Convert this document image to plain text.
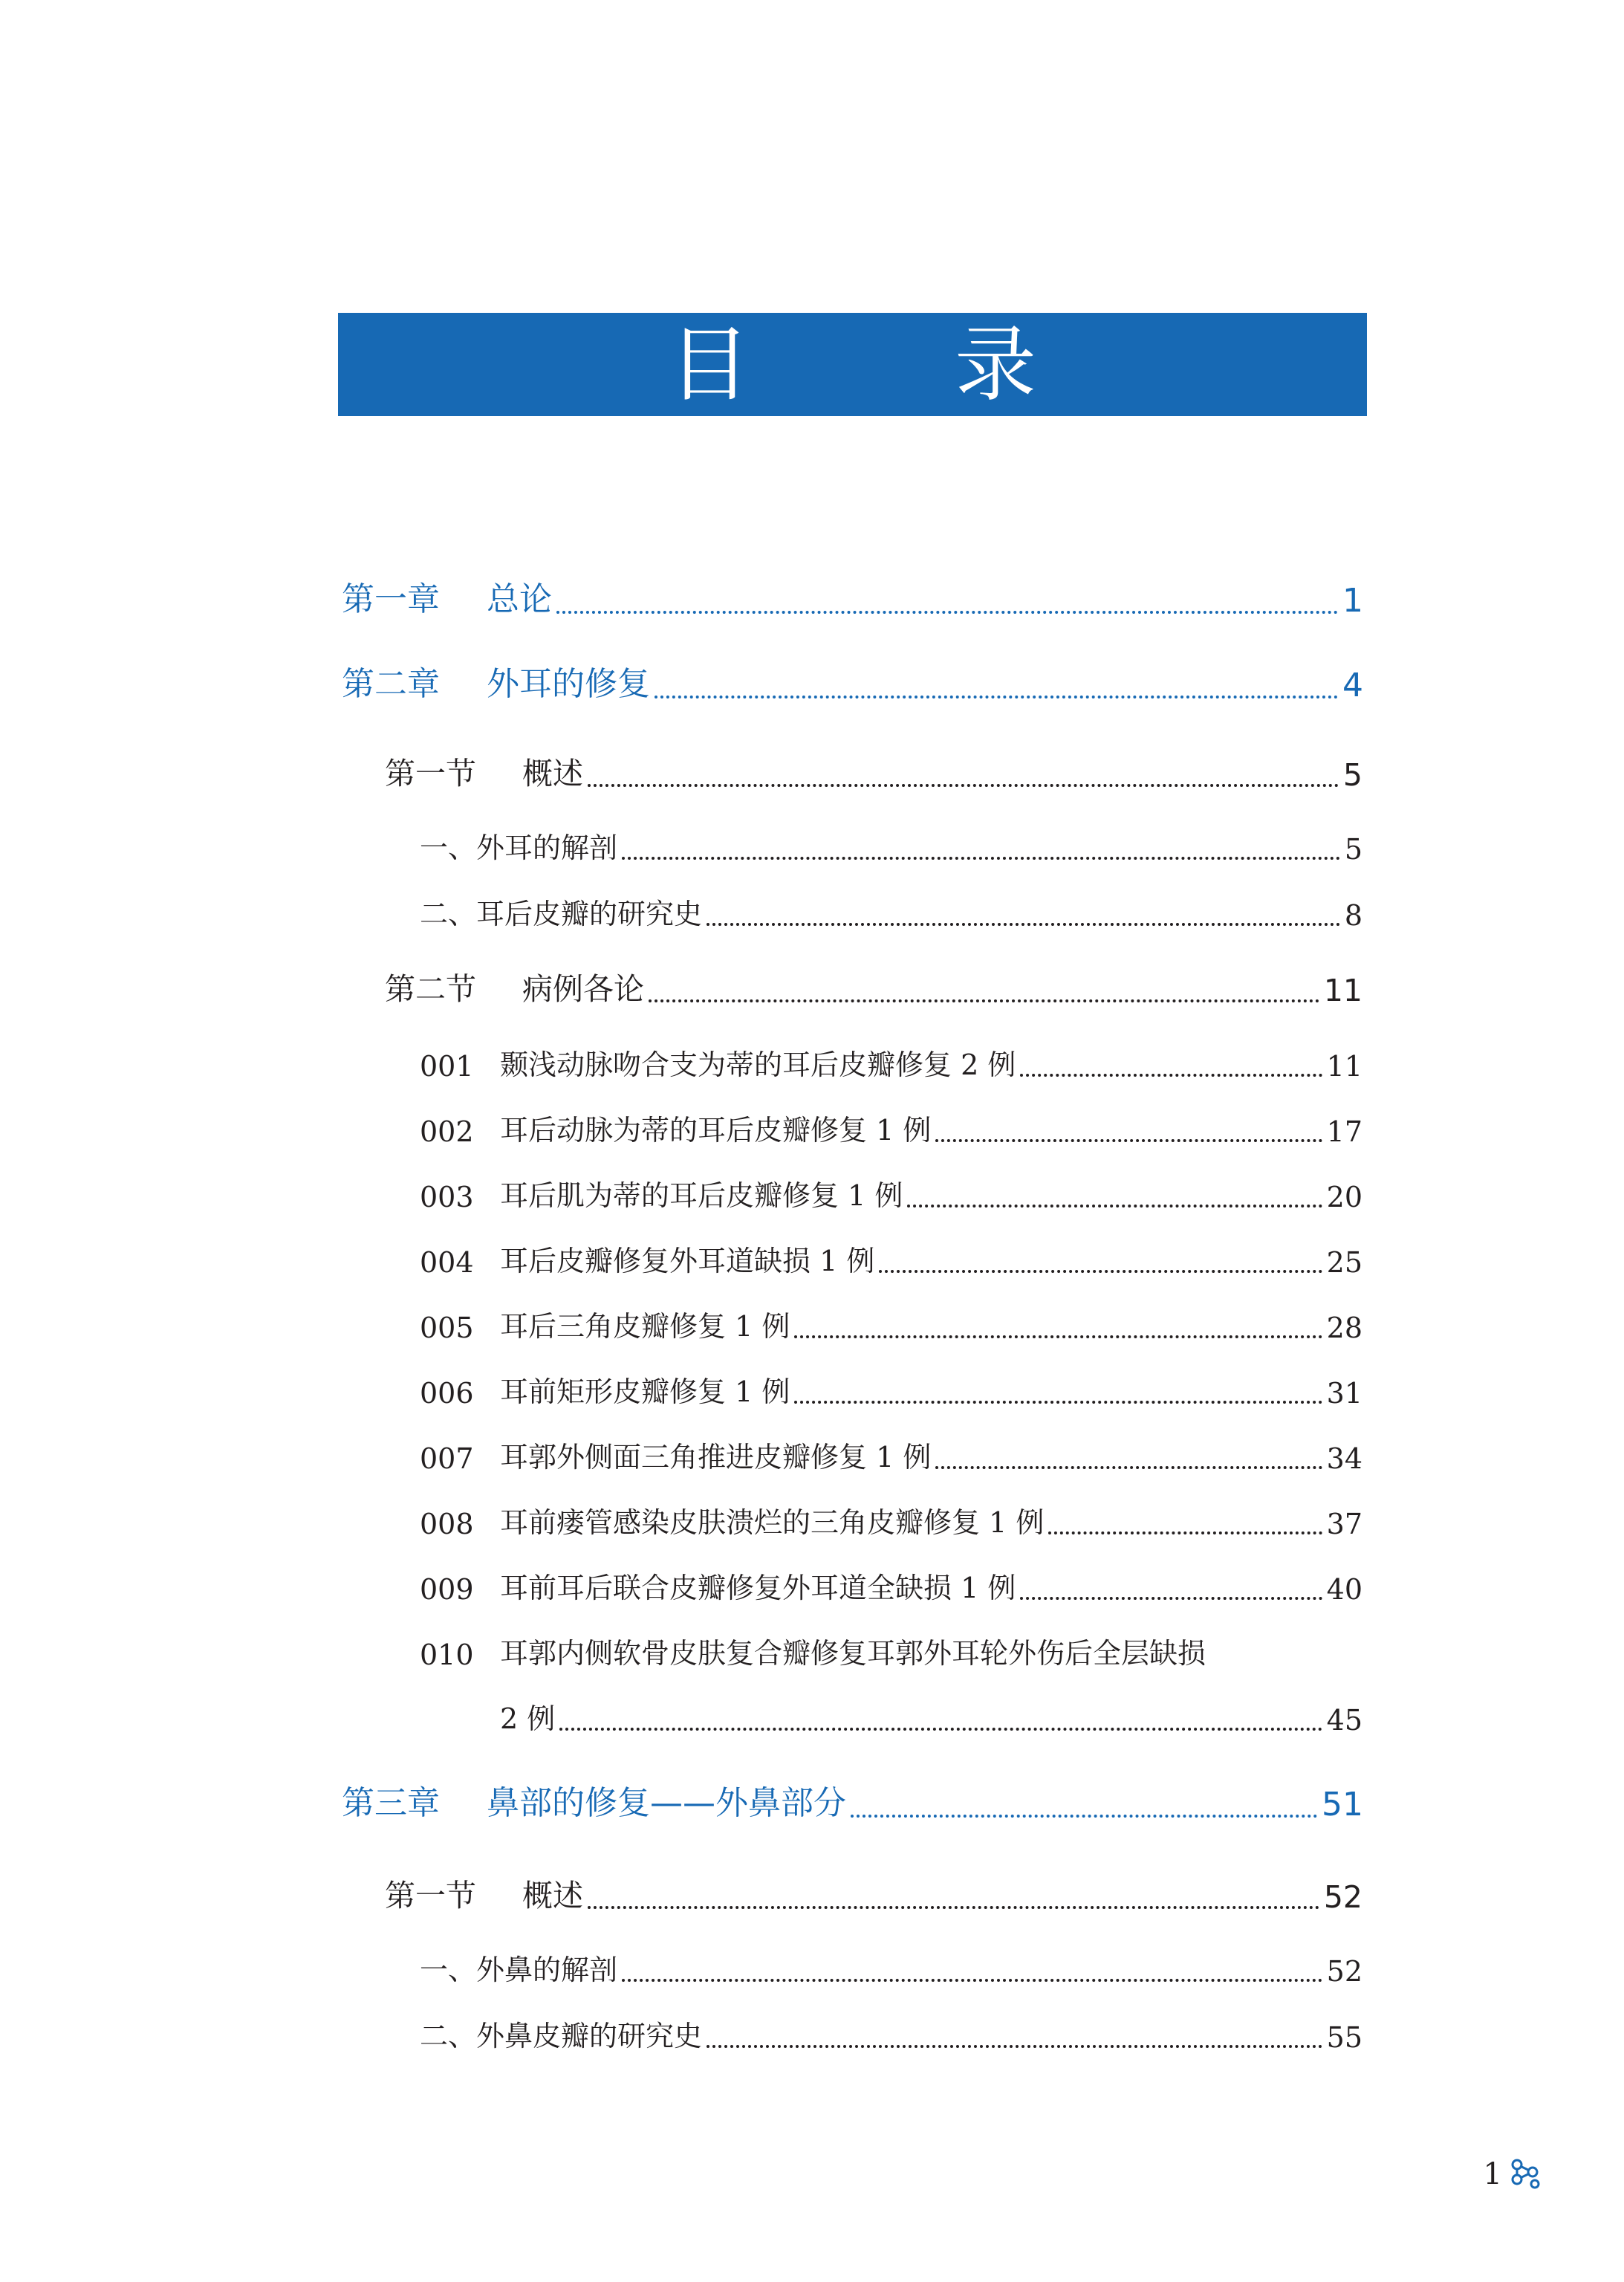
目 录
第一章	总论	1
第二章	外耳的修复	4
第一节	概述	5
一、外耳的解剖	5
二、耳后皮瓣的研究史	8
第二节	病例各论	11
001 颞浅动脉吻合支为蒂的耳后皮瓣修复 2 例	11
002 耳后动脉为蒂的耳后皮瓣修复 1 例	17
003 耳后肌为蒂的耳后皮瓣修复 1 例	20
004 耳后皮瓣修复外耳道缺损 1 例	25
005 耳后三角皮瓣修复 1 例	28
006 耳前矩形皮瓣修复 1 例	31
007 耳郭外侧面三角推进皮瓣修复 1 例	34
008 耳前瘘管感染皮肤溃烂的三角皮瓣修复 1 例	37
009 耳前耳后联合皮瓣修复外耳道全缺损 1 例	40
010 耳郭内侧软骨皮肤复合瓣修复耳郭外耳轮外伤后全层缺损
2 例	45
第三章	鼻部的修复——外鼻部分	51
第一节	概述	52
一、外鼻的解剖	52
二、外鼻皮瓣的研究史	55
1
